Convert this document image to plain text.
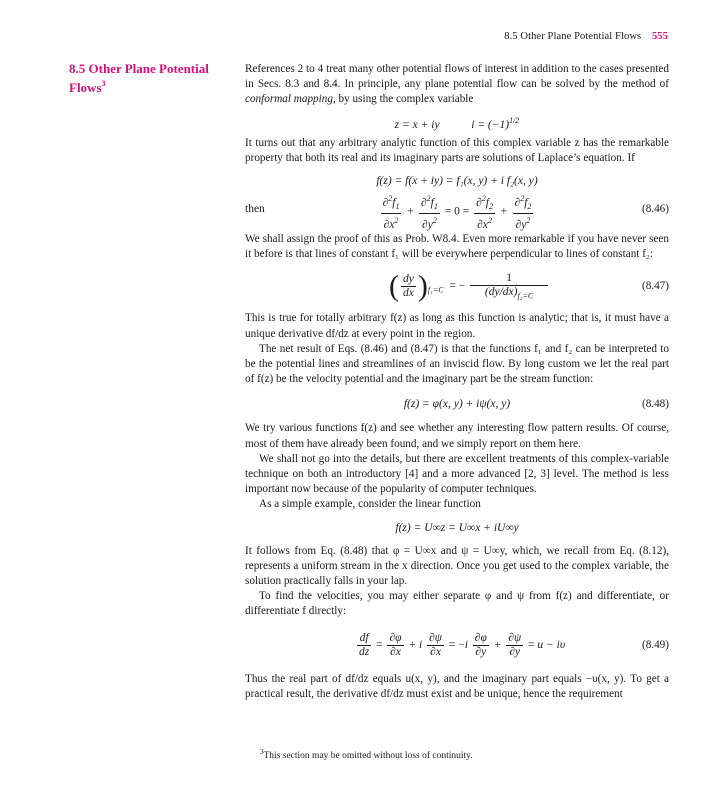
8.5 Other Plane Potential Flows 555
8.5 Other Plane Potential
Flows$^3$

References 2 to 4 treat many other potential flows of interest in addition to the cases presented in Secs. 8.3 and 8.4. In principle, any plane potential flow can be solved by the method of conformal mapping, by using the complex variable

z = x + iy	$i = (-1)^{1/2}$

It turns out that any arbitrary analytic function of this complex variable z has the remarkable property that both its real and its imaginary parts are solutions of Laplace’s equation. If

f(z) = f(x + iy) = f₁(x, y) + i f₂(x, y)
then	$\frac{\partial^2f_1}{\partial x^2} + \frac{\partial^2f_1}{\partial y^2} = 0 = \frac{\partial^2f_2}{\partial x^2} + \frac{\partial^2f_2}{\partial y^2}$	(8.46)

We shall assign the proof of this as Prob. W8.4. Even more remarkable if you have never seen it before is that lines of constant f₁ will be everywhere perpendicular to lines of constant f₂:

( $\frac{dy}{dx} )_{f_1=C}$  = − $\frac{1}{(dy/dx)_{f_2=C}}$	(8.47)

This is true for totally arbitrary f(z) as long as this function is analytic; that is, it must have a unique derivative df/dz at every point in the region.

The net result of Eqs. (8.46) and (8.47) is that the functions f₁ and f₂ can be interpreted to be the potential lines and streamlines of an inviscid flow. By long custom we let the real part of f(z) be the velocity potential and the imaginary part be the stream function:

f(z) = φ(x, y) + iψ(x, y)	(8.48)

We try various functions f(z) and see whether any interesting flow pattern results. Of course, most of them have already been found, and we simply report on them here.

We shall not go into the details, but there are excellent treatments of this complex-variable technique on both an introductory [4] and a more advanced [2, 3] level. The method is less important now because of the popularity of computer techniques.

As a simple example, consider the linear function

f(z) = U∞z = U∞x + iU∞y

It follows from Eq. (8.48) that φ = U∞x and ψ = U∞y, which, we recall from Eq. (8.12), represents a uniform stream in the x direction. Once you get used to the complex variable, the solution practically falls in your lap.

To find the velocities, you may either separate φ and ψ from f(z) and differentiate, or differentiate f directly:

$\frac{df}{dz} = \frac{\partial\varphi}{\partial x} + i \frac{\partial\psi}{\partial x} = -i \frac{\partial\varphi}{\partial y} + \frac{\partial\psi}{\partial y} = u - i\upsilon$	(8.49)

Thus the real part of df/dz equals u(x, y), and the imaginary part equals −υ(x, y). To get a practical result, the derivative df/dz must exist and be unique, hence the requirement

$^3$This section may be omitted without loss of continuity.
